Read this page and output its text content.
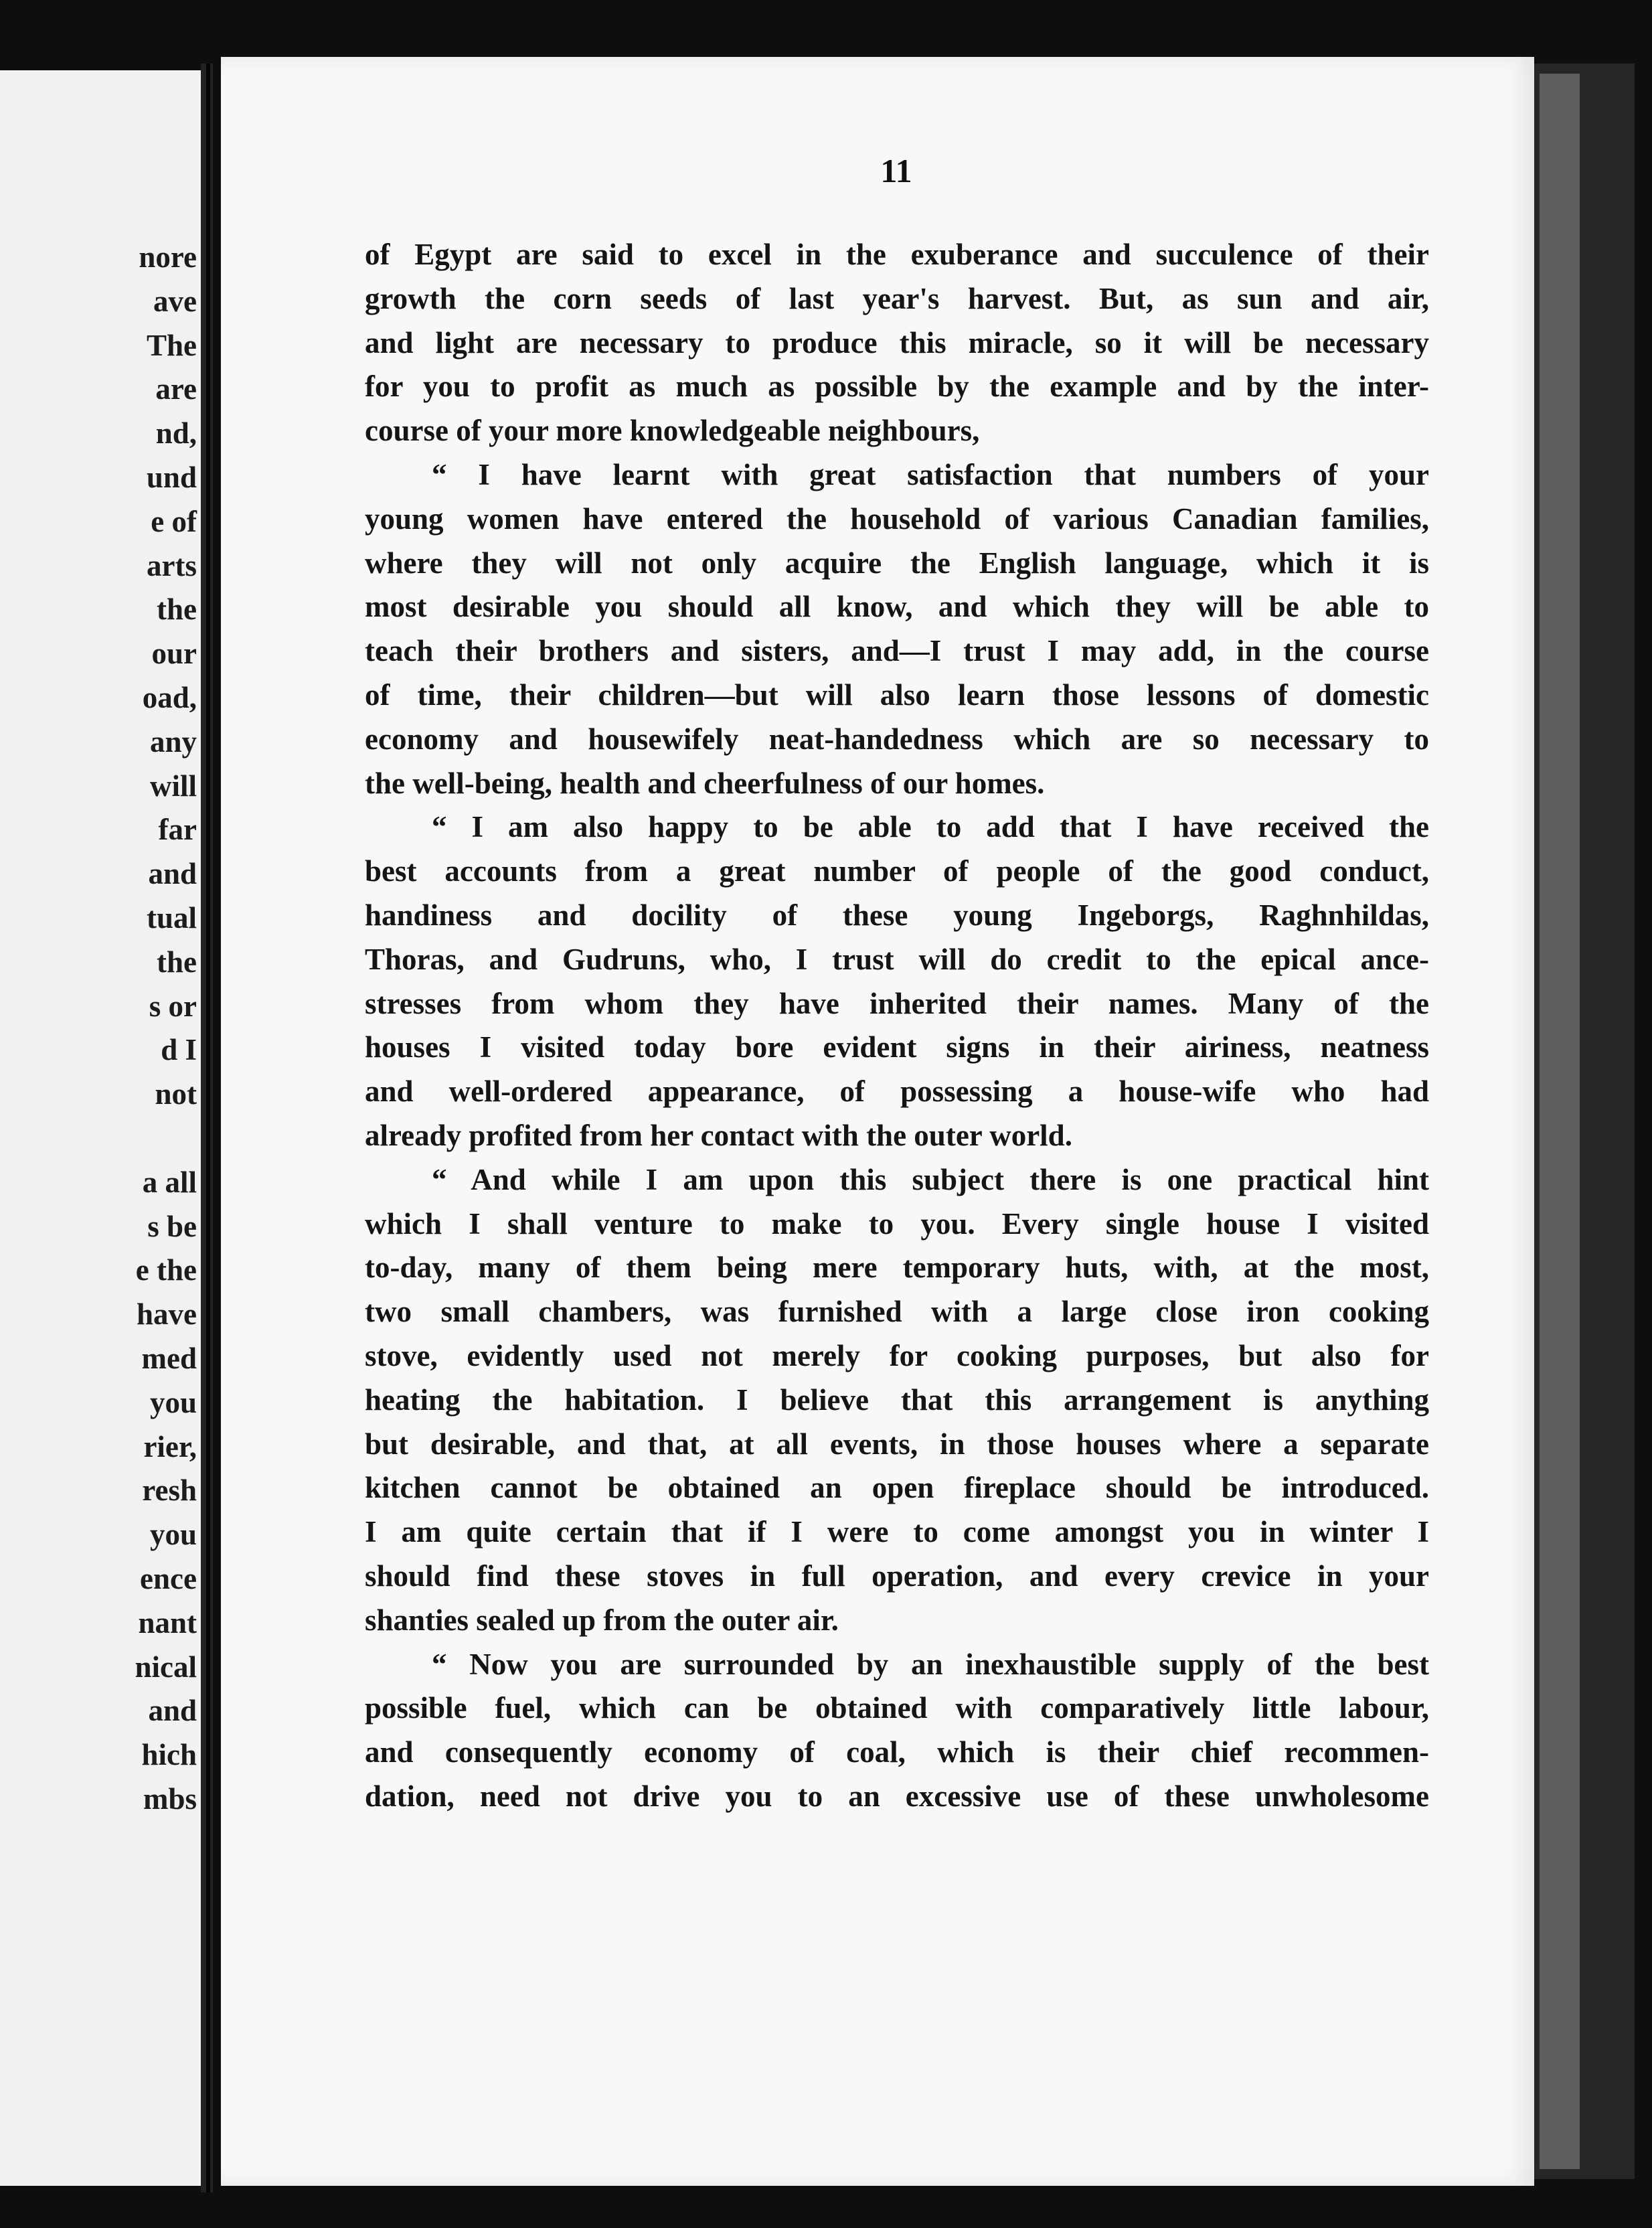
nore
ave
The
are
nd,
und
e of
arts
the
our
oad,
any
will
far
and
tual
the
s or
d I
not
a all
s be
e the
have
med
you
rier,
resh
you
ence
nant
nical
and
hich
mbs
11
of Egypt are said to excel in the exuberance and succulence of their
growth the corn seeds of last year's harvest. But, as sun and air,
and light are necessary to produce this miracle, so it will be necessary
for you to profit as much as possible by the example and by the inter-
course of your more knowledgeable neighbours,
“ I have learnt with great satisfaction that numbers of your
young women have entered the household of various Canadian families,
where they will not only acquire the English language, which it is
most desirable you should all know, and which they will be able to
teach their brothers and sisters, and—I trust I may add, in the course
of time, their children—but will also learn those lessons of domestic
economy and housewifely neat-handedness which are so necessary to
the well-being, health and cheerfulness of our homes.
“ I am also happy to be able to add that I have received the
best accounts from a great number of people of the good conduct,
handiness and docility of these young Ingeborgs, Raghnhildas,
Thoras, and Gudruns, who, I trust will do credit to the epical ance-
stresses from whom they have inherited their names. Many of the
houses I visited today bore evident signs in their airiness, neatness
and well-ordered appearance, of possessing a house-wife who had
already profited from her contact with the outer world.
“ And while I am upon this subject there is one practical hint
which I shall venture to make to you. Every single house I visited
to-day, many of them being mere temporary huts, with, at the most,
two small chambers, was furnished with a large close iron cooking
stove, evidently used not merely for cooking purposes, but also for
heating the habitation. I believe that this arrangement is anything
but desirable, and that, at all events, in those houses where a separate
kitchen cannot be obtained an open fireplace should be introduced.
I am quite certain that if I were to come amongst you in winter I
should find these stoves in full operation, and every crevice in your
shanties sealed up from the outer air.
“ Now you are surrounded by an inexhaustible supply of the best
possible fuel, which can be obtained with comparatively little labour,
and consequently economy of coal, which is their chief recommen-
dation, need not drive you to an excessive use of these unwholesome
